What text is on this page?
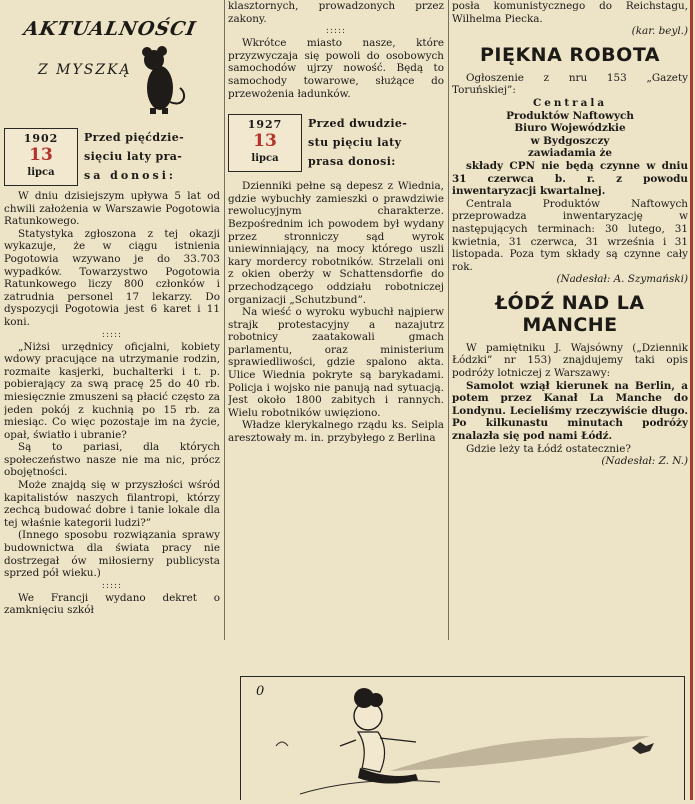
AKTUALNOŚCI
Z MYSZKĄ
1902
13
lipca
Przed pięćdzie-
sięciu laty pra-
sa donosi:

W dniu dzisiejszym upływa 5 lat od chwili założenia w Warszawie Pogotowia Ratunkowego.

Statystyka zgłoszona z tej okazji wykazuje, że w ciągu istnienia Pogotowia wzywano je do 33.703 wypadków. Towarzystwo Pogotowia Ratunkowego liczy 800 członków i zatrudnia personel 17 lekarzy. Do dyspozycji Pogotowia jest 6 karet i 11 koni.

:::::

„Niżsi urzędnicy oficjalni, kobiety wdowy pracujące na utrzymanie rodzin, rozmaite kasjerki, buchalterki i t. p. pobierający za swą pracę 25 do 40 rb. miesięcznie zmuszeni są płacić często za jeden pokój z kuchnią po 15 rb. za miesiąc. Co więc pozostaje im na życie, opał, światło i ubranie?

Są to pariasi, dla których społeczeństwo nasze nie ma nic, prócz obojętności.

Może znajdą się w przyszłości wśród kapitalistów naszych filantropi, którzy zechcą budować dobre i tanie lokale dla tej właśnie kategorii ludzi?”

(Innego sposobu rozwiązania sprawy budownictwa dla świata pracy nie dostrzegał ów miłosierny publicysta sprzed pół wieku.)

:::::

We Francji wydano dekret o zamknięciu szkół

klasztornych, prowadzonych przez zakony.

:::::

Wkrótce miasto nasze, które przyzwyczaja się powoli do osobowych samochodów ujrzy nowość. Będą to samochody towarowe, służące do przewożenia ładunków.

1927
13
lipca
Przed dwudzie-
stu pięciu laty
prasa donosi:

Dzienniki pełne są depesz z Wiednia, gdzie wybuchły zamieszki o prawdziwie rewolucyjnym charakterze. Bezpośrednim ich powodem był wydany przez stronniczy sąd wyrok uniewinniający, na mocy którego uszli kary mordercy robotników. Strzelali oni z okien oberży w Schattensdorfie do przechodzącego oddziału robotniczej organizacji „Schutzbund”.

Na wieść o wyroku wybuchł najpierw strajk protestacyjny a nazajutrz robotnicy zaatakowali gmach parlamentu, oraz ministerium sprawiedliwości, gdzie spalono akta. Ulice Wiednia pokryte są barykadami. Policja i wojsko nie panują nad sytuacją. Jest około 1800 zabitych i rannych. Wielu robotników uwięziono.

Władze klerykalnego rządu ks. Seipla aresztowały m. in. przybyłego z Berlina

posła komunistycznego do Reichstagu, Wilhelma Piecka.

(kar. beyl.)
PIĘKNA ROBOTA

Ogłoszenie z nru 153 „Gazety Toruńskiej”:

Centrala

Produktów Naftowych

Biuro Wojewódzkie

w Bydgoszczy

zawiadamia że

składy CPN nie będą czynne w dniu 31 czerwca b. r. z powodu inwentaryzacji kwartalnej.

Centrala Produktów Naftowych przeprowadza inwentaryzację w następujących terminach: 30 lutego, 31 kwietnia, 31 czerwca, 31 września i 31 listopada. Poza tym składy są czynne cały rok.

(Nadesłał: A. Szymański)
ŁÓDŹ NAD LA MANCHE

W pamiętniku J. Wajsówny („Dziennik Łódzki” nr 153) znajdujemy taki opis podróży lotniczej z Warszawy:

Samolot wziął kierunek na Berlin, a potem przez Kanał La Manche do Londynu. Lecieliśmy rzeczywiście długo. Po kilkunastu minutach podróży znalazła się pod nami Łódź.

Gdzie leży ta Łódź ostatecznie?

(Nadesłał: Z. N.)
0
